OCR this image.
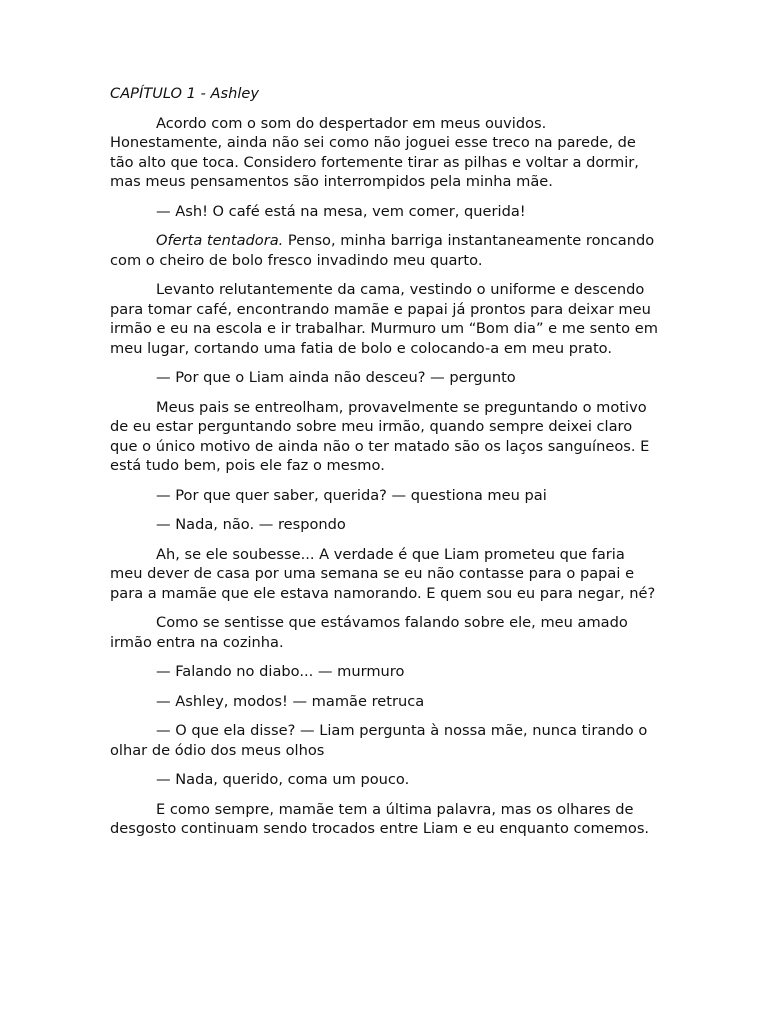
CAPÍTULO 1 - Ashley

Acordo com o som do despertador em meus ouvidos. Honestamente, ainda não sei como não joguei esse treco na parede, de tão alto que toca. Considero fortemente tirar as pilhas e voltar a dormir, mas meus pensamentos são interrompidos pela minha mãe.

— Ash! O café está na mesa, vem comer, querida!

Oferta tentadora. Penso, minha barriga instantaneamente roncando com o cheiro de bolo fresco invadindo meu quarto.

Levanto relutantemente da cama, vestindo o uniforme e descendo para tomar café, encontrando mamãe e papai já prontos para deixar meu irmão e eu na escola e ir trabalhar. Murmuro um “Bom dia” e me sento em meu lugar, cortando uma fatia de bolo e colocando-a em meu prato.

— Por que o Liam ainda não desceu? — pergunto

Meus pais se entreolham, provavelmente se preguntando o motivo de eu estar perguntando sobre meu irmão, quando sempre deixei claro que o único motivo de ainda não o ter matado são os laços sanguíneos. E está tudo bem, pois ele faz o mesmo.

— Por que quer saber, querida? — questiona meu pai

— Nada, não. — respondo

Ah, se ele soubesse... A verdade é que Liam prometeu que faria meu dever de casa por uma semana se eu não contasse para o papai e para a mamãe que ele estava namorando. E quem sou eu para negar, né?

Como se sentisse que estávamos falando sobre ele, meu amado irmão entra na cozinha.

— Falando no diabo... — murmuro

— Ashley, modos! — mamãe retruca

— O que ela disse? — Liam pergunta à nossa mãe, nunca tirando o olhar de ódio dos meus olhos

— Nada, querido, coma um pouco.

E como sempre, mamãe tem a última palavra, mas os olhares de desgosto continuam sendo trocados entre Liam e eu enquanto comemos.
